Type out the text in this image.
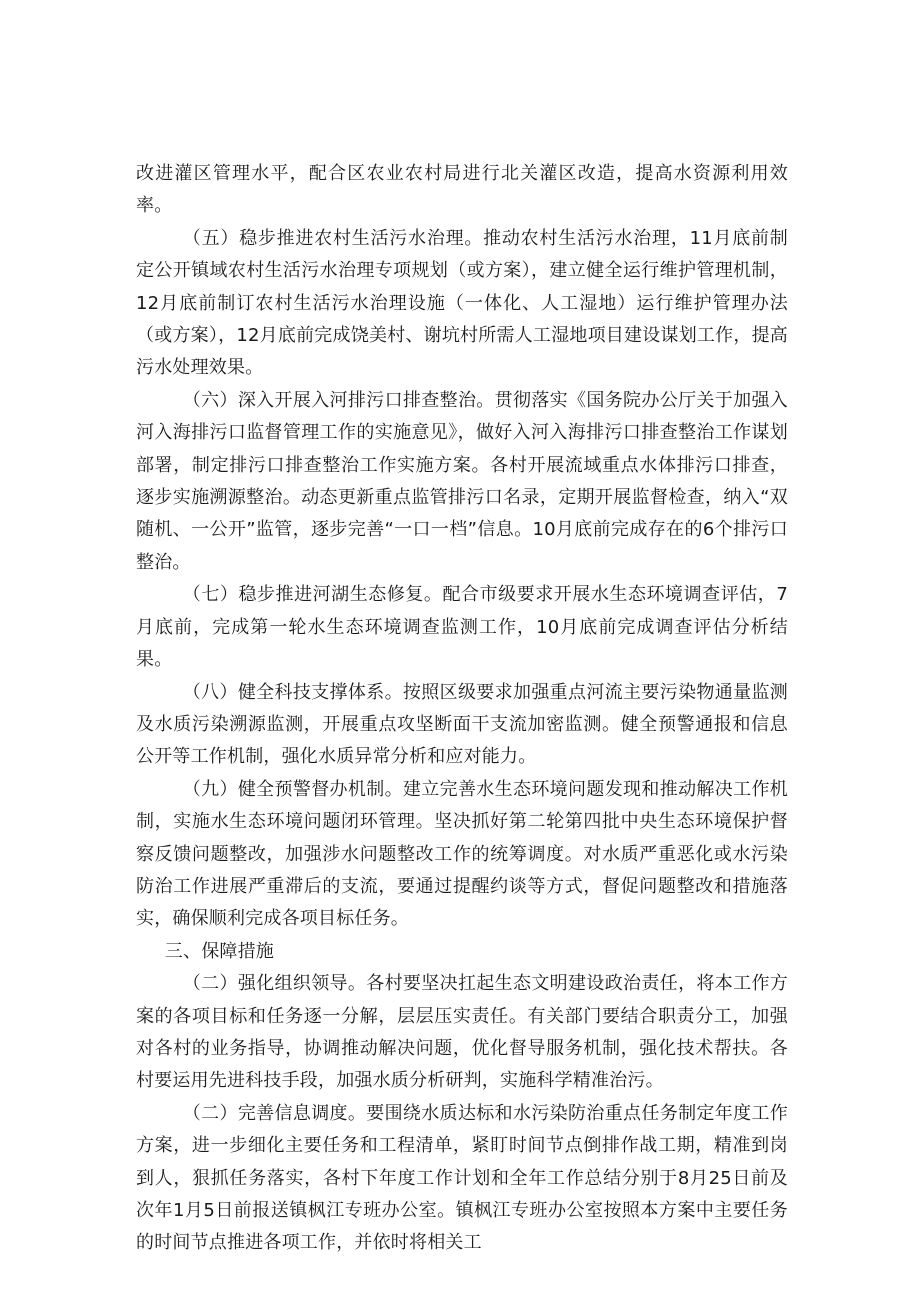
改进灌区管理水平，配合区农业农村局进行北关灌区改造，提高水资源利用效率。

（五）稳步推进农村生活污水治理。推动农村生活污水治理，11月底前制定公开镇域农村生活污水治理专项规划（或方案），建立健全运行维护管理机制，12月底前制订农村生活污水治理设施（一体化、人工湿地）运行维护管理办法（或方案），12月底前完成饶美村、谢坑村所需人工湿地项目建设谋划工作，提高污水处理效果。

（六）深入开展入河排污口排查整治。贯彻落实《国务院办公厅关于加强入河入海排污口监督管理工作的实施意见》，做好入河入海排污口排查整治工作谋划部署，制定排污口排查整治工作实施方案。各村开展流域重点水体排污口排查，逐步实施溯源整治。动态更新重点监管排污口名录，定期开展监督检查，纳入“双随机、一公开”监管，逐步完善“一口一档”信息。10月底前完成存在的6个排污口整治。

（七）稳步推进河湖生态修复。配合市级要求开展水生态环境调查评估，7月底前，完成第一轮水生态环境调查监测工作，10月底前完成调查评估分析结果。

（八）健全科技支撑体系。按照区级要求加强重点河流主要污染物通量监测及水质污染溯源监测，开展重点攻坚断面干支流加密监测。健全预警通报和信息公开等工作机制，强化水质异常分析和应对能力。

（九）健全预警督办机制。建立完善水生态环境问题发现和推动解决工作机制，实施水生态环境问题闭环管理。坚决抓好第二轮第四批中央生态环境保护督察反馈问题整改，加强涉水问题整改工作的统筹调度。对水质严重恶化或水污染防治工作进展严重滞后的支流，要通过提醒约谈等方式，督促问题整改和措施落实，确保顺利完成各项目标任务。

三、保障措施

（二）强化组织领导。各村要坚决扛起生态文明建设政治责任，将本工作方案的各项目标和任务逐一分解，层层压实责任。有关部门要结合职责分工，加强对各村的业务指导，协调推动解决问题，优化督导服务机制，强化技术帮扶。各村要运用先进科技手段，加强水质分析研判，实施科学精准治污。

（二）完善信息调度。要围绕水质达标和水污染防治重点任务制定年度工作方案，进一步细化主要任务和工程清单，紧盯时间节点倒排作战工期，精准到岗到人，狠抓任务落实，各村下年度工作计划和全年工作总结分别于8月25日前及次年1月5日前报送镇枫江专班办公室。镇枫江专班办公室按照本方案中主要任务的时间节点推进各项工作，并依时将相关工
